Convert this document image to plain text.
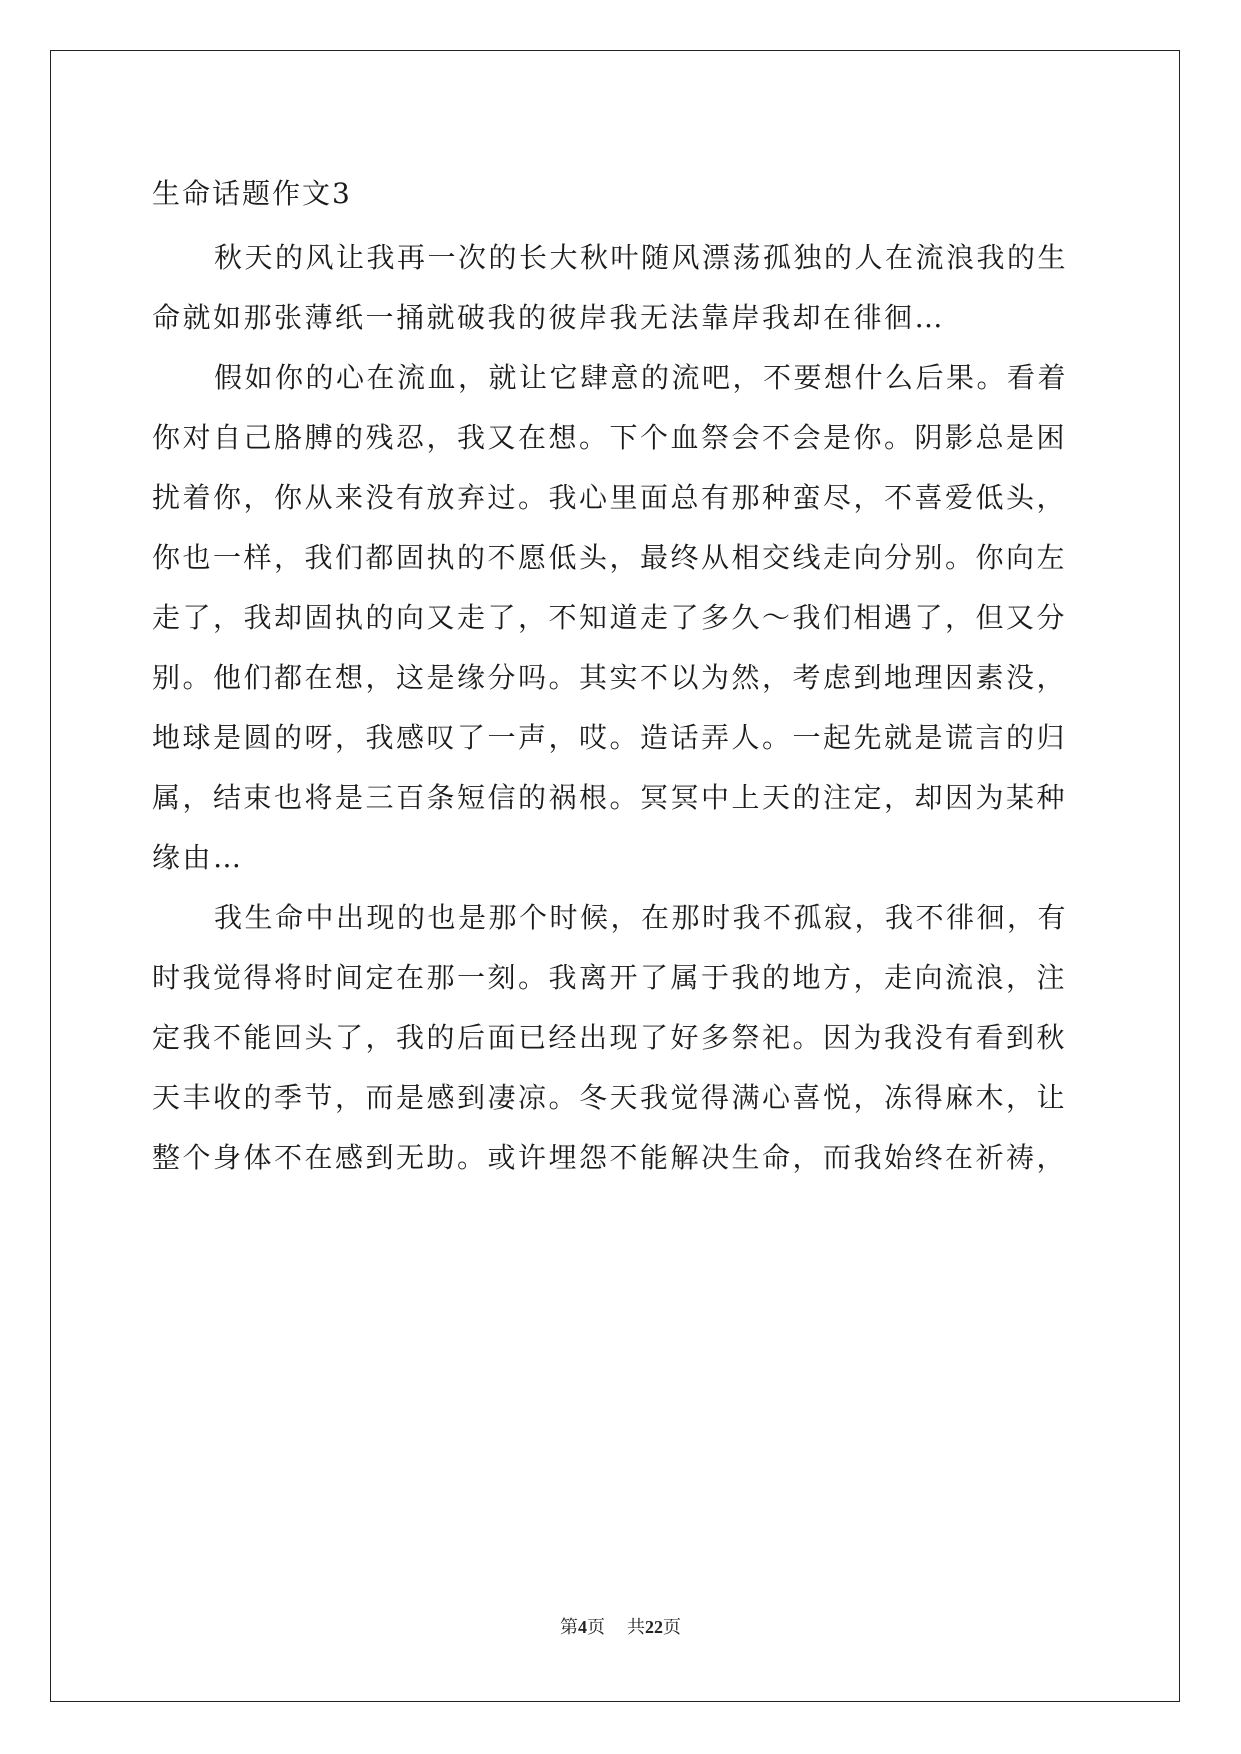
生命话题作文3
秋天的风让我再一次的长大秋叶随风漂荡孤独的人在流浪我的生
命就如那张薄纸一捅就破我的彼岸我无法靠岸我却在徘徊…
假如你的心在流血，就让它肆意的流吧，不要想什么后果。看着
你对自己胳膊的残忍，我又在想。下个血祭会不会是你。阴影总是困
扰着你，你从来没有放弃过。我心里面总有那种蛮尽，不喜爱低头，
你也一样，我们都固执的不愿低头，最终从相交线走向分别。你向左
走了，我却固执的向又走了，不知道走了多久～我们相遇了，但又分
别。他们都在想，这是缘分吗。其实不以为然，考虑到地理因素没，
地球是圆的呀，我感叹了一声，哎。造话弄人。一起先就是谎言的归
属，结束也将是三百条短信的祸根。冥冥中上天的注定，却因为某种
缘由…
我生命中出现的也是那个时候，在那时我不孤寂，我不徘徊，有
时我觉得将时间定在那一刻。我离开了属于我的地方，走向流浪，注
定我不能回头了，我的后面已经出现了好多祭祀。因为我没有看到秋
天丰收的季节，而是感到凄凉。冬天我觉得满心喜悦，冻得麻木，让
整个身体不在感到无助。或许埋怨不能解决生命，而我始终在祈祷，
第4页 共22页
